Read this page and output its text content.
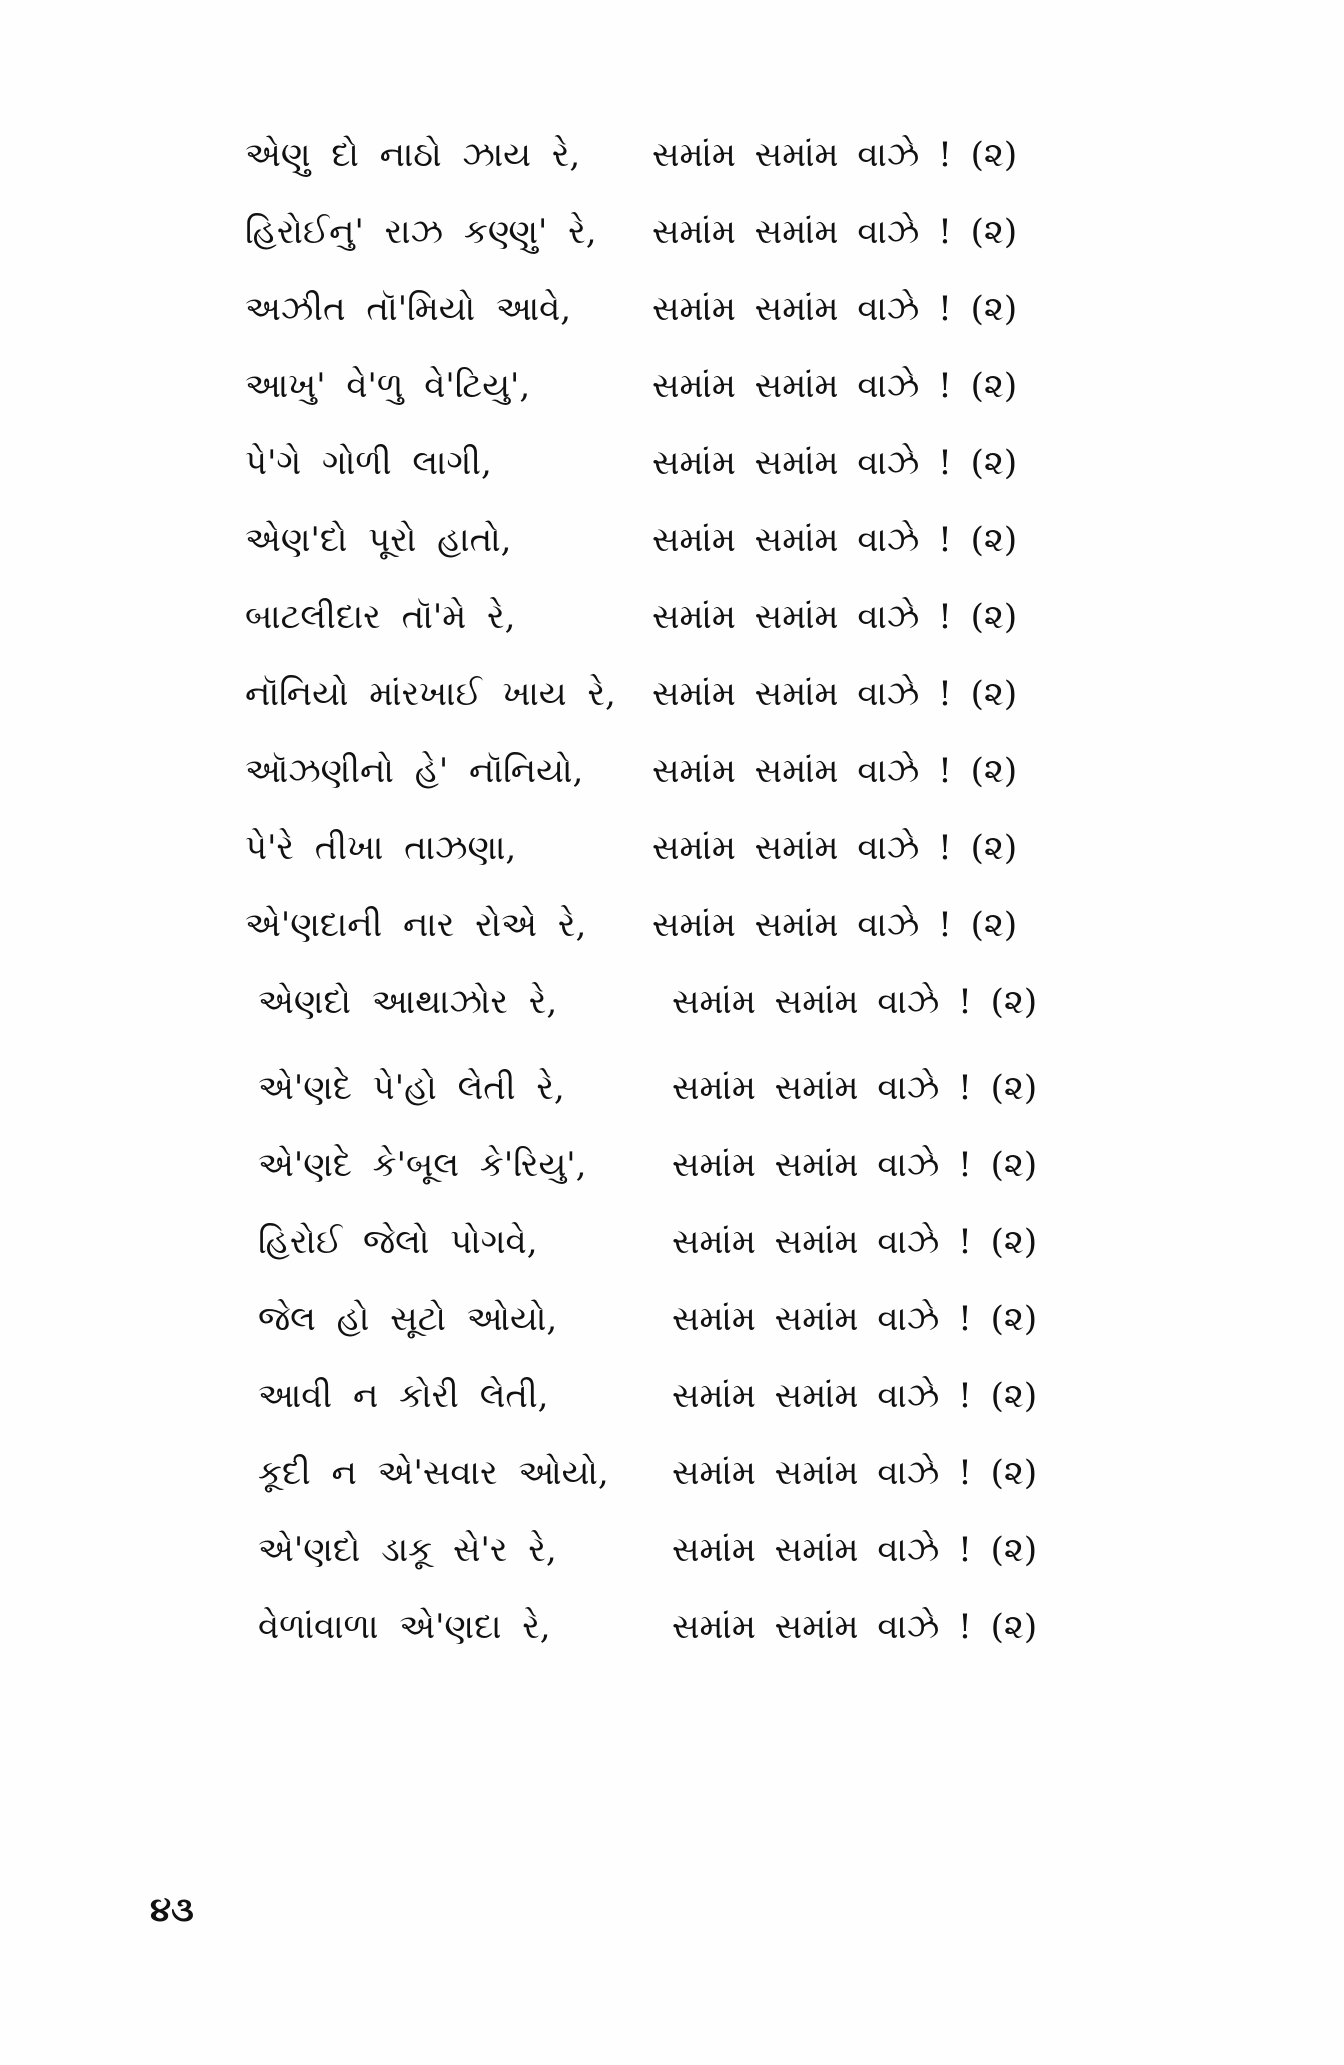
એણુ દો નાઠો ઝાય રે, સમાંમ સમાંમ વાઝે ! (૨)
હિરોઈનુ' રાઝ કણ્ણુ' રે, સમાંમ સમાંમ વાઝે ! (૨)
અઝીત તૉ'મિયો આવે, સમાંમ સમાંમ વાઝે ! (૨)
આખુ' વે'ળુ વે'ટિયુ',	સમાંમ સમાંમ વાઝે ! (૨)
પે'ગે ગોળી લાગી,	સમાંમ સમાંમ વાઝે ! (૨)
એણ'દો પૂરો હાતો,	સમાંમ સમાંમ વાઝે ! (૨)
બાટલીદાર તૉ'મે રે,	સમાંમ સમાંમ વાઝે ! (૨)
નૉનિયો માંરખાઈ ખાય રે, સમાંમ સમાંમ વાઝે ! (૨)
ઑઝણીનો હે' નૉનિયો, સમાંમ સમાંમ વાઝે ! (૨)
પે'રે તીખા તાઝણા,	સમાંમ સમાંમ વાઝે ! (૨)
એ'ણદાની નાર રોએ રે, સમાંમ સમાંમ વાઝે ! (૨)
એણદો આથાઝોર રે,	સમાંમ સમાંમ વાઝે ! (૨)
એ'ણદે પે'હો લેતી રે,	સમાંમ સમાંમ વાઝે ! (૨)
એ'ણદે કે'બૂલ કે'રિયુ',	સમાંમ સમાંમ વાઝે ! (૨)
હિરોઈ જેલો પોગવે,	સમાંમ સમાંમ વાઝે ! (૨)
જેલ હો સૂટો ઓયો,	સમાંમ સમાંમ વાઝે ! (૨)
આવી ન કોરી લેતી,	સમાંમ સમાંમ વાઝે ! (૨)
કૂદી ન એ'સવાર ઓયો, સમાંમ સમાંમ વાઝે ! (૨)
એ'ણદો ડાકૂ સે'ર રે,	સમાંમ સમાંમ વાઝે ! (૨)
વેળાંવાળા એ'ણદા રે,	સમાંમ સમાંમ વાઝે ! (૨)
૪૩
